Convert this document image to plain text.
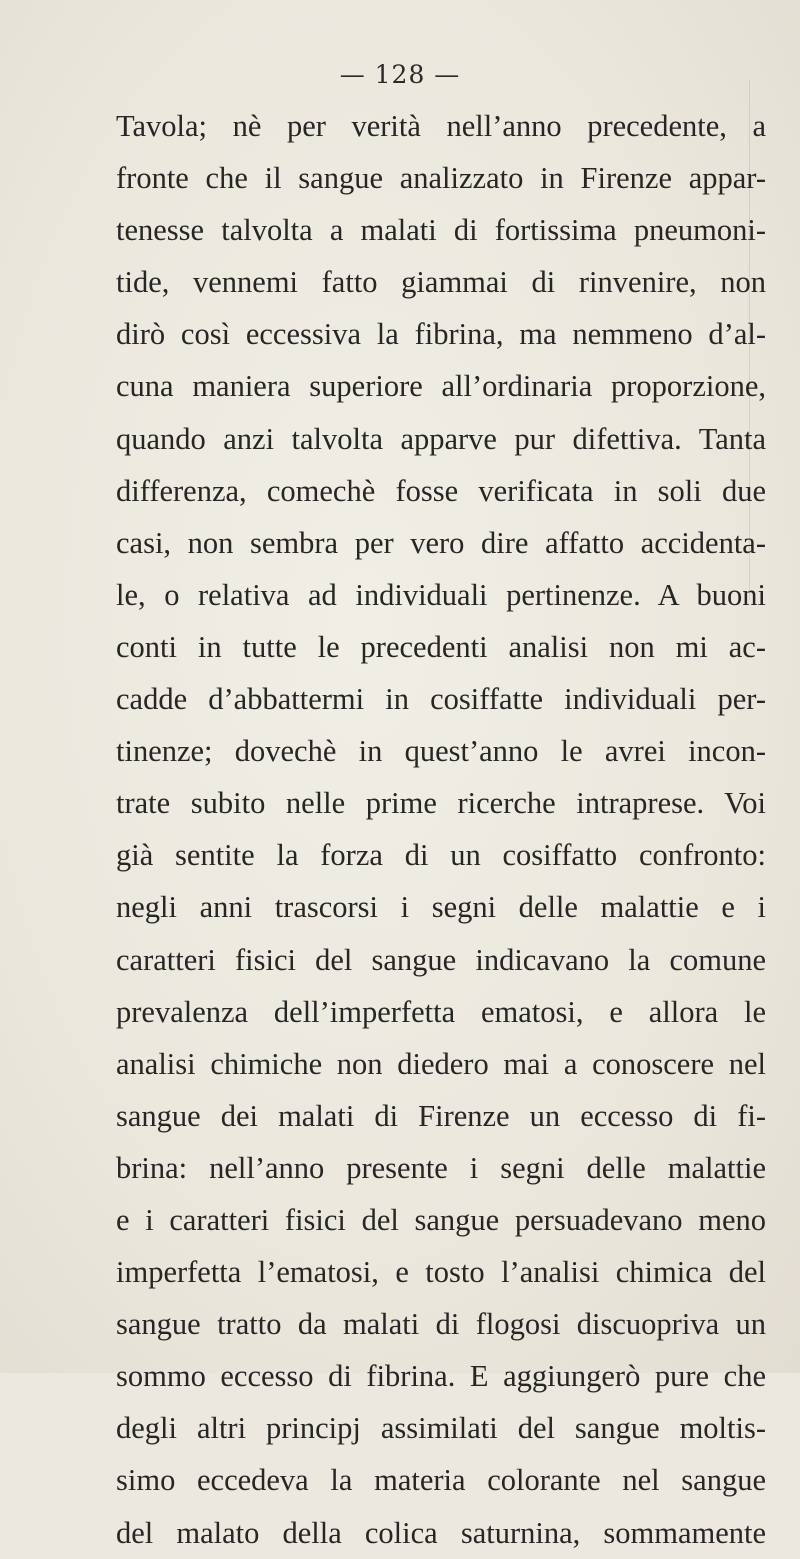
— 128 —
Tavola; nè per verità nell’anno precedente, a
fronte che il sangue analizzato in Firenze appar-
tenesse talvolta a malati di fortissima pneumoni-
tide, vennemi fatto giammai di rinvenire, non
dirò così eccessiva la fibrina, ma nemmeno d’al-
cuna maniera superiore all’ordinaria proporzione,
quando anzi talvolta apparve pur difettiva. Tanta
differenza, comechè fosse verificata in soli due
casi, non sembra per vero dire affatto accidenta-
le, o relativa ad individuali pertinenze. A buoni
conti in tutte le precedenti analisi non mi ac-
cadde d’abbattermi in cosiffatte individuali per-
tinenze; dovechè in quest’anno le avrei incon-
trate subito nelle prime ricerche intraprese. Voi
già sentite la forza di un cosiffatto confronto:
negli anni trascorsi i segni delle malattie e i
caratteri fisici del sangue indicavano la comune
prevalenza dell’imperfetta ematosi, e allora le
analisi chimiche non diedero mai a conoscere nel
sangue dei malati di Firenze un eccesso di fi-
brina: nell’anno presente i segni delle malattie
e i caratteri fisici del sangue persuadevano meno
imperfetta l’ematosi, e tosto l’analisi chimica del
sangue tratto da malati di flogosi discuopriva un
sommo eccesso di fibrina. E aggiungerò pure che
degli altri principj assimilati del sangue moltis-
simo eccedeva la materia colorante nel sangue
del malato della colica saturnina, sommamente
